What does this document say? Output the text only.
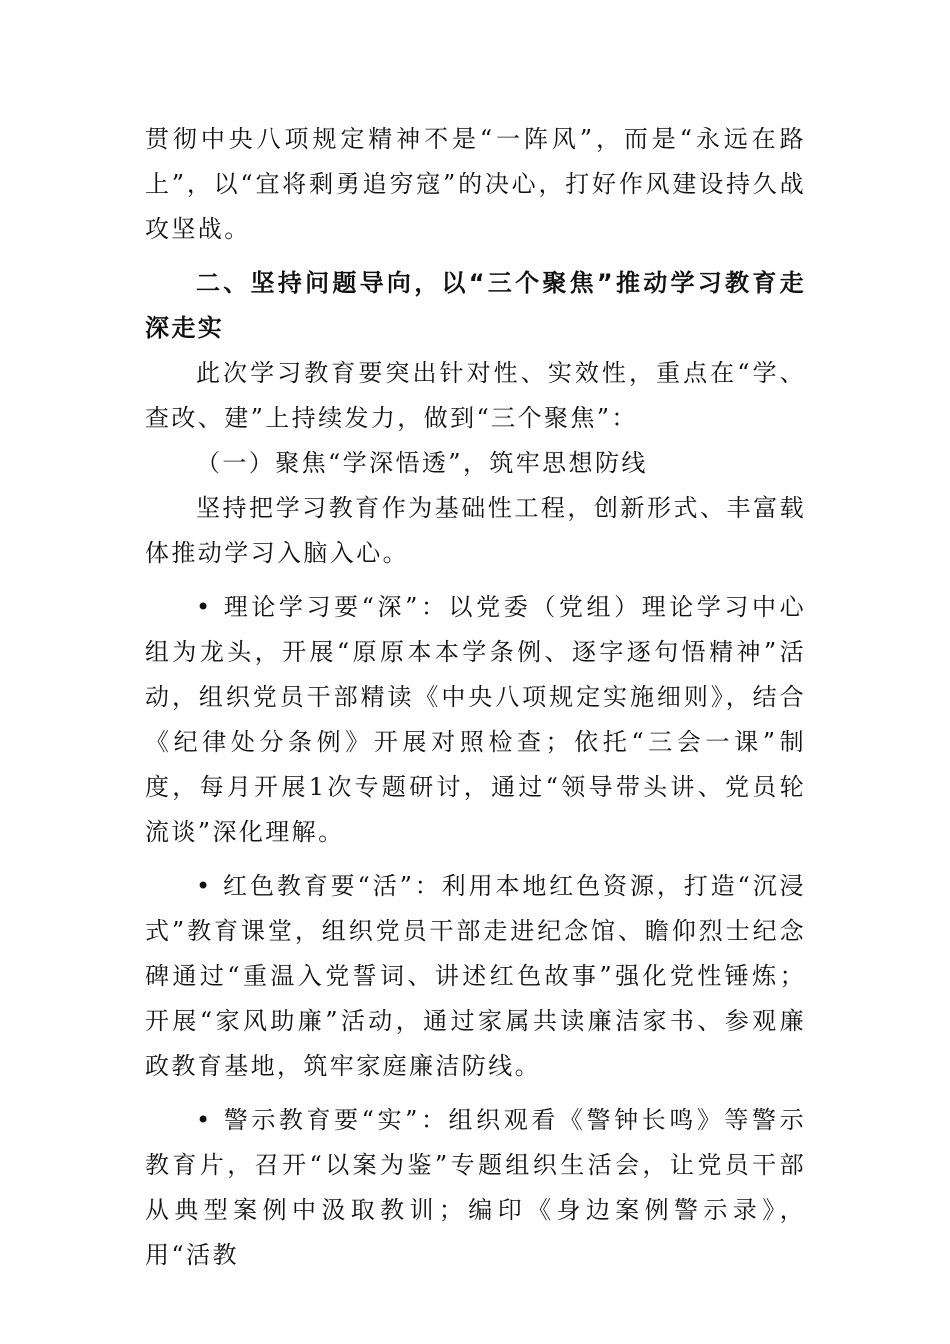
贯彻中央八项规定精神不是“一阵风”，而是“永远在路上”，以“宜将剩勇追穷寇”的决心，打好作风建设持久战攻坚战。

二、坚持问题导向，以“三个聚焦”推动学习教育走深走实

此次学习教育要突出针对性、实效性，重点在“学、查改、建”上持续发力，做到“三个聚焦”：

（一）聚焦“学深悟透”，筑牢思想防线

坚持把学习教育作为基础性工程，创新形式、丰富载体推动学习入脑入心。

• 理论学习要“深”：以党委（党组）理论学习中心组为龙头，开展“原原本本学条例、逐字逐句悟精神”活动，组织党员干部精读《中央八项规定实施细则》，结合《纪律处分条例》开展对照检查；依托“三会一课”制度，每月开展1次专题研讨，通过“领导带头讲、党员轮流谈”深化理解。

• 红色教育要“活”：利用本地红色资源，打造“沉浸式”教育课堂，组织党员干部走进纪念馆、瞻仰烈士纪念碑通过“重温入党誓词、讲述红色故事”强化党性锤炼；开展“家风助廉”活动，通过家属共读廉洁家书、参观廉政教育基地，筑牢家庭廉洁防线。

• 警示教育要“实”：组织观看《警钟长鸣》等警示教育片，召开“以案为鉴”专题组织生活会，让党员干部从典型案例中汲取教训；编印《身边案例警示录》，用“活教
